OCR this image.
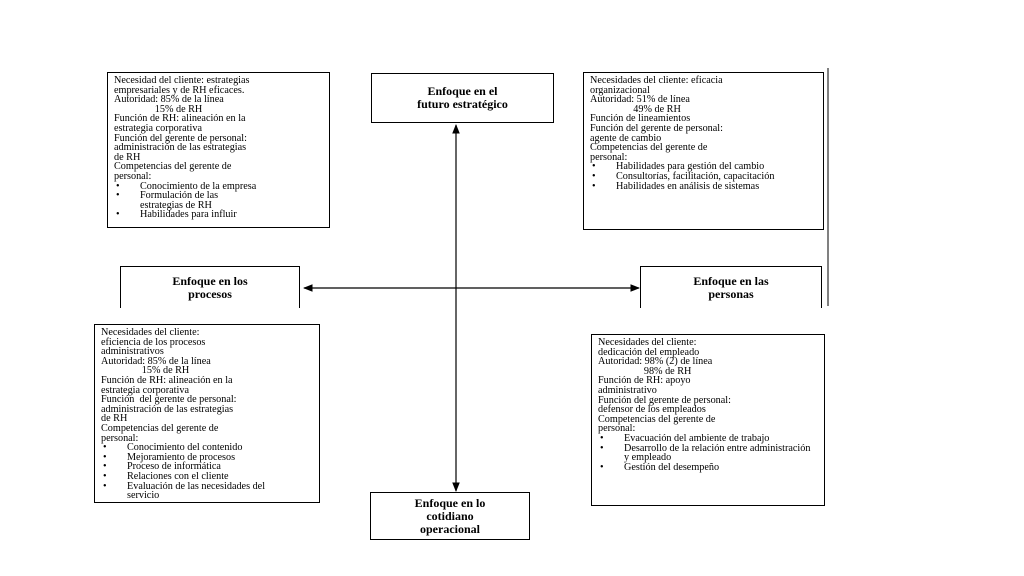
Enfoque en el
futuro estratégico
Enfoque en los
procesos
Enfoque en las
personas
Enfoque en lo
cotidiano
operacional
Necesidad del cliente: estrategias
empresariales y de RH eficaces.
Autoridad: 85% de la línea
15% de RH
Función de RH: alineación en la
estrategia corporativa
Función del gerente de personal:
administración de las estrategias
de RH
Competencias del gerente de
personal:
• Conocimiento de la empresa
• Formulación de las estrategias de RH
• Habilidades para influir
Necesidades del cliente: eficacia
organizacional
Autoridad: 51% de línea
49% de RH
Función de lineamientos
Función del gerente de personal:
agente de cambio
Competencias del gerente de
personal:
• Habilidades para gestión del cambio
• Consultorías, facilitación, capacitación
• Habilidades en análisis de sistemas
Necesidades del cliente:
eficiencia de los procesos
administrativos
Autoridad: 85% de la línea
15% de RH
Función de RH: alineación en la
estrategia corporativa
Función  del gerente de personal:
administración de las estrategias
de RH
Competencias del gerente de
personal:
• Conocimiento del contenido
• Mejoramiento de procesos
• Proceso de informática
• Relaciones con el cliente
• Evaluación de las necesidades del servicio
Necesidades del cliente:
dedicación del empleado
Autoridad: 98% (2) de línea
98% de RH
Función de RH: apoyo
administrativo
Función del gerente de personal:
defensor de los empleados
Competencias del gerente de
personal:
• Evacuación del ambiente de trabajo
• Desarrollo de la relación entre administración y empleado
• Gestión del desempeño
